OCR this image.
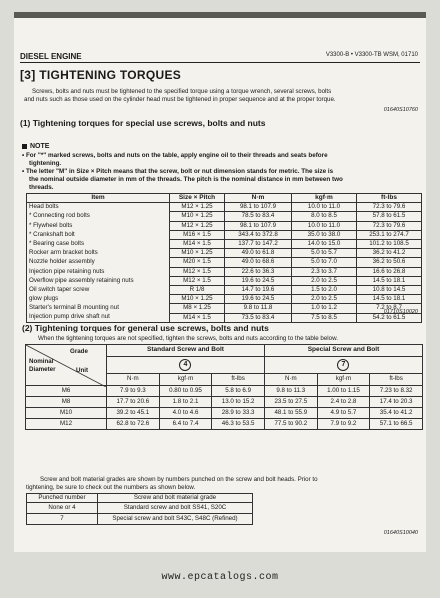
DIESEL ENGINE	V3300-B • V3300-TB WSM, 01710
[3] TIGHTENING TORQUES
Screws, bolts and nuts must be tightened to the specified torque using a torque wrench, several screws, bolts
and nuts such as those used on the cylinder head must be tightened in proper sequence and at the proper torque.
01640S10760
(1) Tightening torques for special use screws, bolts and nuts
NOTE
• For "*" marked screws, bolts and nuts on the table, apply engine oil to their threads and seats before
tightening.
• The letter "M" in Size × Pitch means that the screw, bolt or nut dimension stands for metric. The size is
the nominal outside diameter in mm of the threads. The pitch is the nominal distance in mm between two
threads.
Item	Size × Pitch	N·m	kgf·m	ft-lbs
Head bolts	M12 × 1.25	98.1 to 107.9	10.0 to 11.0	72.3 to 79.6
* Connecting rod bolts	M10 × 1.25	78.5 to 83.4	8.0 to 8.5	57.8 to 61.5
* Flywheel bolts	M12 × 1.25	98.1 to 107.9	10.0 to 11.0	72.3 to 79.6
* Crankshaft bolt	M16 × 1.5	343.4 to 372.8	35.0 to 38.0	253.1 to 274.7
* Bearing case bolts	M14 × 1.5	137.7 to 147.2	14.0 to 15.0	101.2 to 108.5
Rocker arm bracket bolts	M10 × 1.25	49.0 to 61.8	5.0 to 5.7	36.2 to 41.2
Nozzle holder assembly	M20 × 1.5	49.0 to 68.6	5.0 to 7.0	36.2 to 50.6
Injection pipe retaining nuts	M12 × 1.5	22.6 to 36.3	2.3 to 3.7	16.6 to 26.8
Overflow pipe assembly retaining nuts	M12 × 1.5	19.6 to 24.5	2.0 to 2.5	14.5 to 18.1
Oil switch taper screw	R 1/8	14.7 to 19.6	1.5 to 2.0	10.8 to 14.5
glow plugs	M10 × 1.25	19.6 to 24.5	2.0 to 2.5	14.5 to 18.1
Starter's terminal B mounting nut	M8 × 1.25	9.8 to 11.8	1.0 to 1.2	7.2 to 8.7
Injection pump drive shaft nut	M14 × 1.5	73.5 to 83.4	7.5 to 8.5	54.2 to 61.5
01710S10020
(2) Tightening torques for general use screws, bolts and nuts
When the tightening torques are not specified, tighten the screws, bolts and nuts according to the table below.
Grade
Nominal
Diameter Unit	Standard Screw and Bolt			Special Screw and Bolt		
	4			7		
	N·m	kgf·m	ft-lbs	N·m	kgf·m	ft-lbs
M6	7.9 to 9.3	0.80 to 0.95	5.8 to 6.9	9.8 to 11.3	1.00 to 1.15	7.23 to 8.32
M8	17.7 to 20.6	1.8 to 2.1	13.0 to 15.2	23.5 to 27.5	2.4 to 2.8	17.4 to 20.3
M10	39.2 to 45.1	4.0 to 4.6	28.9 to 33.3	48.1 to 55.9	4.9 to 5.7	35.4 to 41.2
M12	62.8 to 72.6	6.4 to 7.4	46.3 to 53.5	77.5 to 90.2	7.9 to 9.2	57.1 to 66.5
Screw and bolt material grades are shown by numbers punched on the screw and bolt heads. Prior to
tightening, be sure to check out the numbers as shown below.
Punched number	Screw and bolt material grade
None or 4	Standard screw and bolt SS41, S20C
7	Special screw and bolt S43C, S48C (Refined)
01640S10040
www.epcatalogs.com
